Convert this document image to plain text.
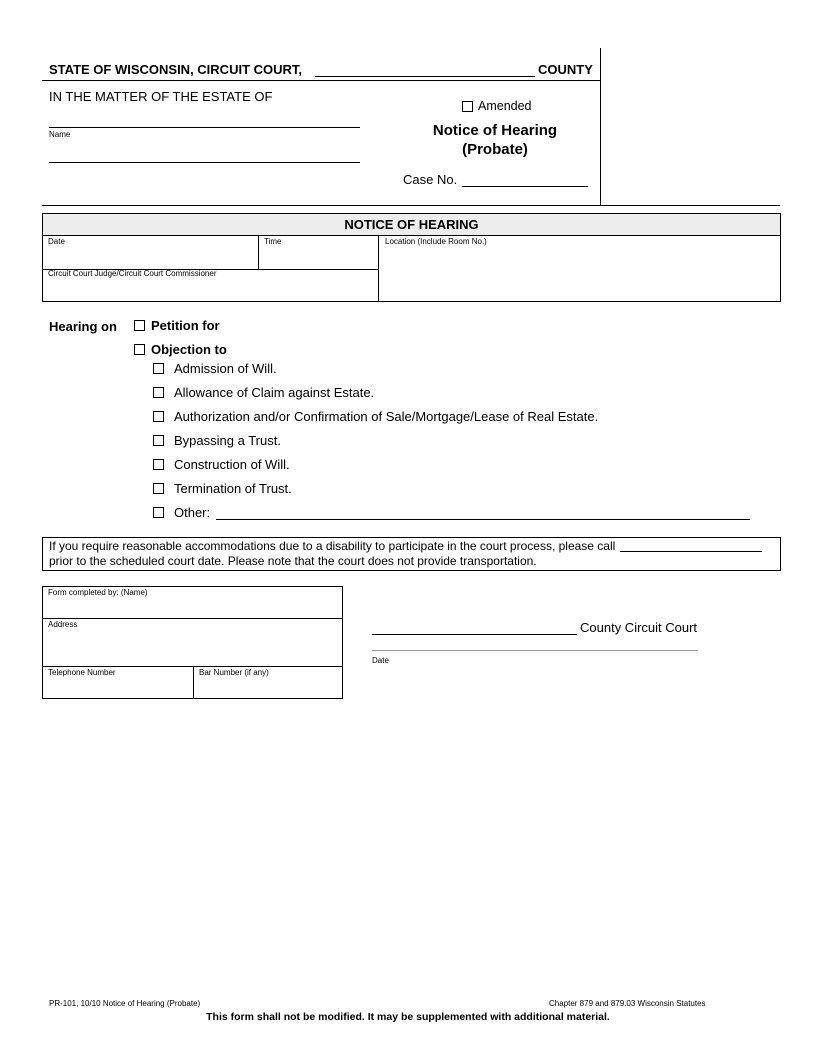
STATE OF WISCONSIN, CIRCUIT COURT,	COUNTY
IN THE MATTER OF THE ESTATE OF
Name
Amended
Notice of Hearing
(Probate)
Case No.
NOTICE OF HEARING
Date	Time	Location (Include Room No.)
Circuit Court Judge/Circuit Court Commissioner
Hearing on	Petition for
Objection to
Admission of Will.
Allowance of Claim against Estate.
Authorization and/or Confirmation of Sale/Mortgage/Lease of Real Estate.
Bypassing a Trust.
Construction of Will.
Termination of Trust.
Other:
If you require reasonable accommodations due to a disability to participate in the court process, please call
prior to the scheduled court date. Please note that the court does not provide transportation.
Form completed by: (Name)
Address
Telephone Number	Bar Number (if any)
County Circuit Court
Date
PR-101, 10/10 Notice of Hearing (Probate)	Chapter 879 and 879.03 Wisconsin Statutes
This form shall not be modified. It may be supplemented with additional material.
